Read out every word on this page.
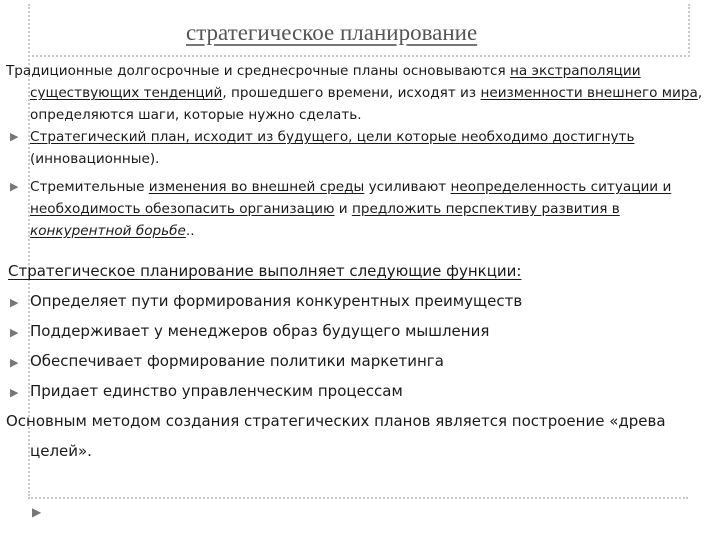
стратегическое планирование

Традиционные долгосрочные и среднесрочные планы основываются на экстраполяции существующих тенденций, прошедшего времени, исходят из неизменности внешнего мира, определяются шаги, которые нужно сделать.

▶ Стратегический план, исходит из будущего, цели которые необходимо достигнуть (инновационные).

▶ Стремительные изменения во внешней среды усиливают неопределенность ситуации и необходимость обезопасить организацию и предложить перспективу развития в конкурентной борьбе..

Стратегическое планирование выполняет следующие функции:

▶ Определяет пути формирования конкурентных преимуществ

▶ Поддерживает у менеджеров образ будущего мышления

▶ Обеспечивает формирование политики маркетинга

▶ Придает единство управленческим процессам

Основным методом создания стратегических планов является построение «древа целей».

▶
